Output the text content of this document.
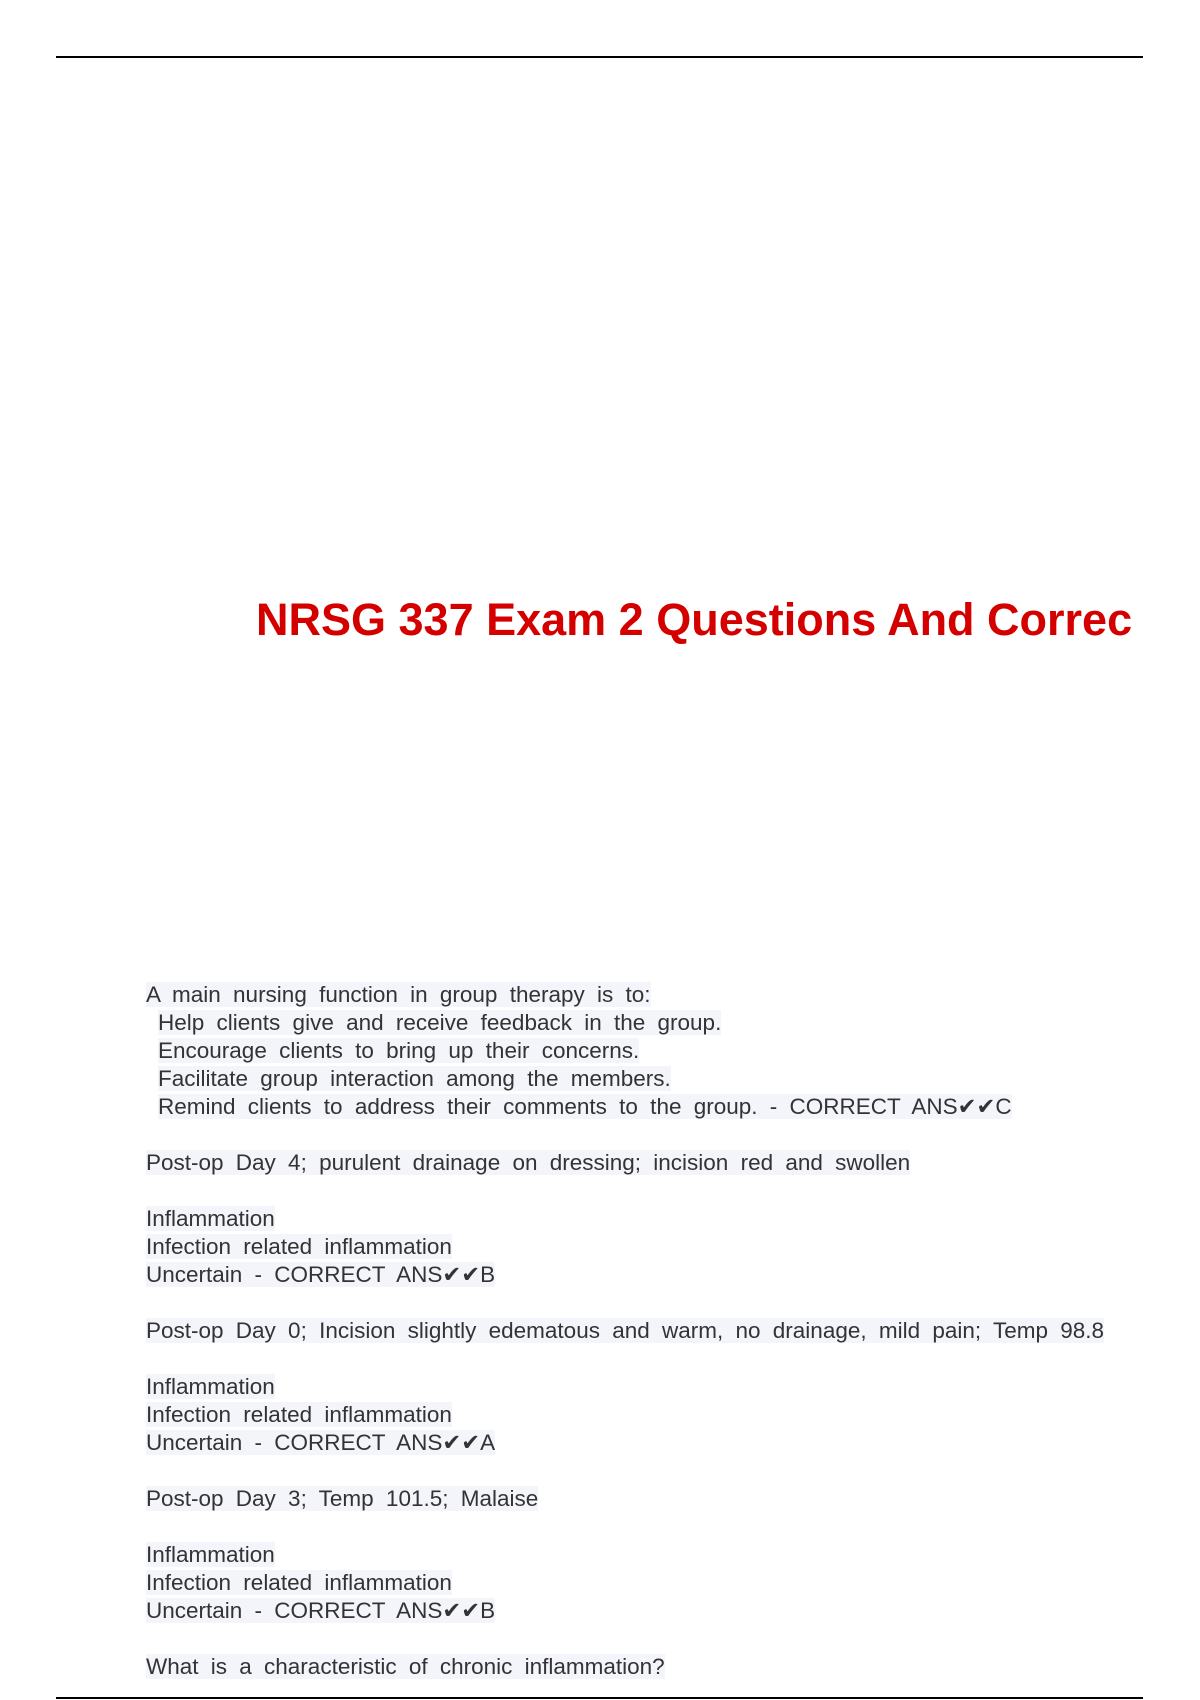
NRSG 337 Exam 2 Questions And Correc
A main nursing function in group therapy is to:
Help clients give and receive feedback in the group.
Encourage clients to bring up their concerns.
Facilitate group interaction among the members.
Remind clients to address their comments to the group. - CORRECT ANS✔✔C
Post-op Day 4; purulent drainage on dressing; incision red and swollen
Inflammation
Infection related inflammation
Uncertain - CORRECT ANS✔✔B
Post-op Day 0; Incision slightly edematous and warm, no drainage, mild pain; Temp 98.8
Inflammation
Infection related inflammation
Uncertain - CORRECT ANS✔✔A
Post-op Day 3; Temp 101.5; Malaise
Inflammation
Infection related inflammation
Uncertain - CORRECT ANS✔✔B
What is a characteristic of chronic inflammation?
